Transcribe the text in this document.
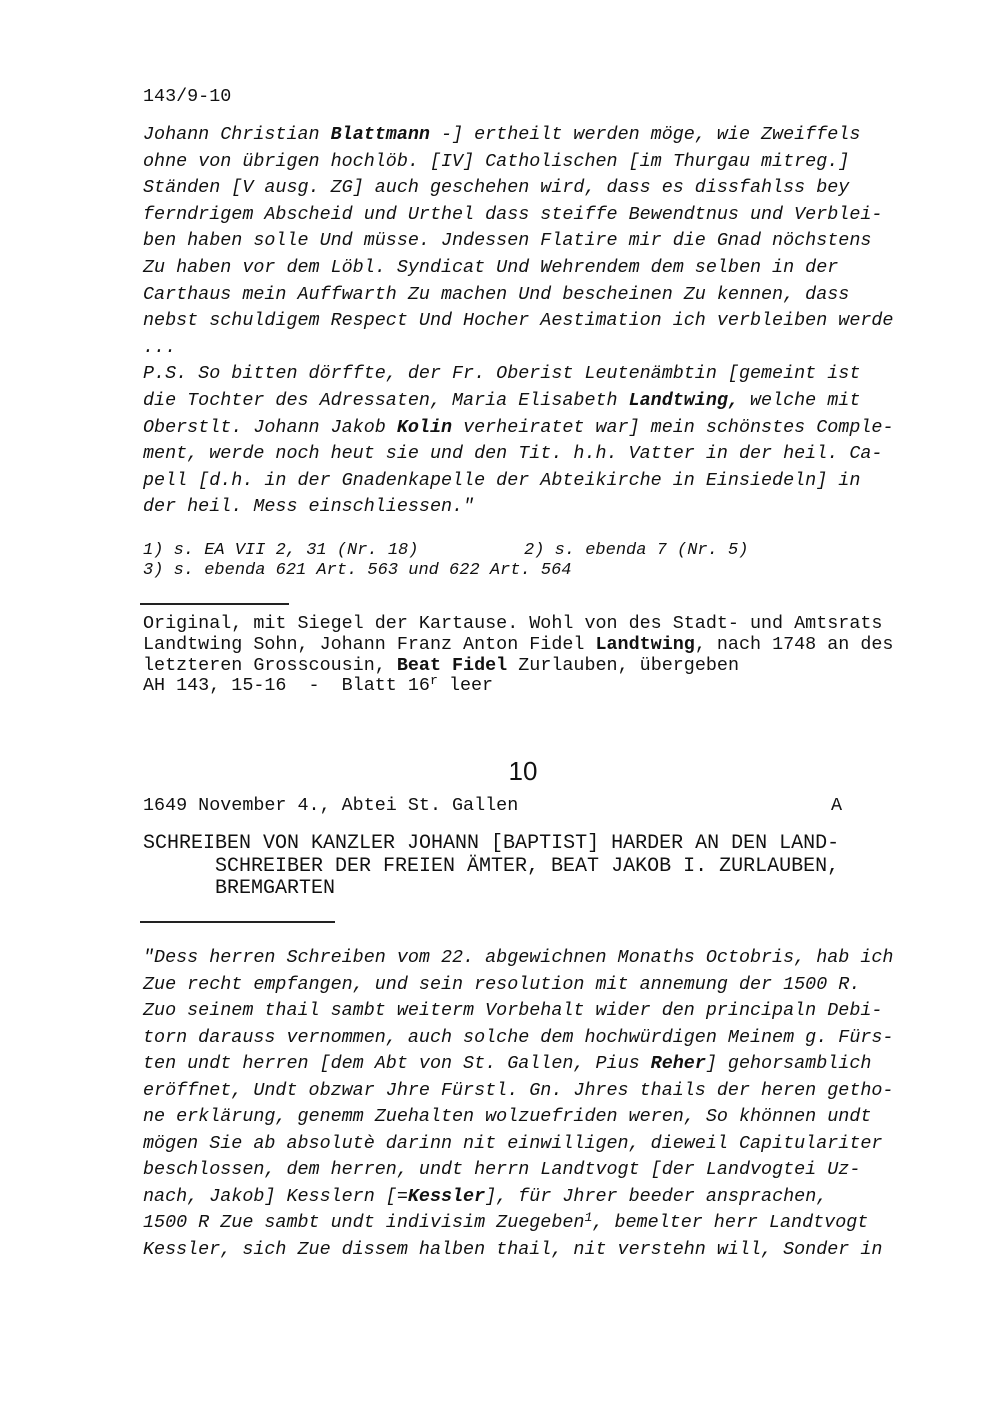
143/9-10
Johann Christian Blattmann -] ertheilt werden möge, wie Zweiffels
ohne von übrigen hochlöb. [IV] Catholischen [im Thurgau mitreg.]
Ständen [V ausg. ZG] auch geschehen wird, dass es dissfahlss bey
ferndrigem Abscheid und Urthel dass steiffe Bewendtnus und Verblei-
ben haben solle Und müsse. Jndessen Flatire mir die Gnad nöchstens
Zu haben vor dem Löbl. Syndicat Und Wehrendem dem selben in der
Carthaus mein Auffwarth Zu machen Und bescheinen Zu kennen, dass
nebst schuldigem Respect Und Hocher Aestimation ich verbleiben werde
...
P.S. So bitten dörffte, der Fr. Oberist Leutenämbtin [gemeint ist
die Tochter des Adressaten, Maria Elisabeth Landtwing, welche mit
Oberstlt. Johann Jakob Kolin verheiratet war] mein schönstes Comple-
ment, werde noch heut sie und den Tit. h.h. Vatter in der heil. Ca-
pell [d.h. in der Gnadenkapelle der Abteikirche in Einsiedeln] in
der heil. Mess einschliessen."
1) s. EA VII 2, 31 (Nr. 18)	2) s. ebenda 7 (Nr. 5)
3) s. ebenda 621 Art. 563 und 622 Art. 564
Original, mit Siegel der Kartause. Wohl von des Stadt- und Amtsrats
Landtwing Sohn, Johann Franz Anton Fidel Landtwing, nach 1748 an des
letzteren Grosscousin, Beat Fidel Zurlauben, übergeben
AH 143, 15-16  -  Blatt 16$^r$ leer
10
1649 November 4., Abtei St. Gallen	A
SCHREIBEN VON KANZLER JOHANN [BAPTIST] HARDER AN DEN LAND-
SCHREIBER DER FREIEN ÄMTER, BEAT JAKOB I. ZURLAUBEN,
BREMGARTEN
"Dess herren Schreiben vom 22. abgewichnen Monaths Octobris, hab ich
Zue recht empfangen, und sein resolution mit annemung der 1500 R.
Zuo seinem thail sambt weiterm Vorbehalt wider den principaln Debi-
torn darauss vernommen, auch solche dem hochwürdigen Meinem g. Fürs-
ten undt herren [dem Abt von St. Gallen, Pius Reher] gehorsamblich
eröffnet, Undt obzwar Jhre Fürstl. Gn. Jhres thails der heren getho-
ne erklärung, genemm Zuehalten wolzuefriden weren, So khönnen undt
mögen Sie ab absolutè darinn nit einwilligen, dieweil Capitulariter
beschlossen, dem herren, undt herrn Landtvogt [der Landvogtei Uz-
nach, Jakob] Kesslern [=Kessler], für Jhrer beeder ansprachen,
1500 R Zue sambt undt indivisim Zuegeben$^1$, bemelter herr Landtvogt
Kessler, sich Zue dissem halben thail, nit verstehn will, Sonder in
